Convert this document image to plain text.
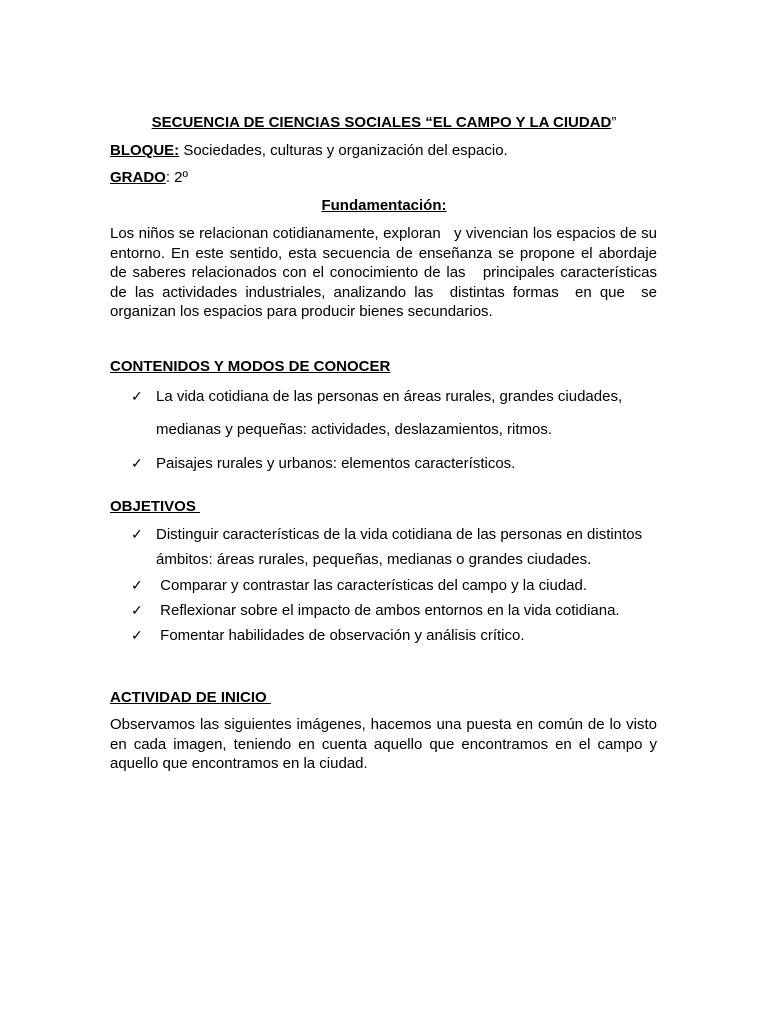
SECUENCIA DE CIENCIAS SOCIALES “EL CAMPO Y LA CIUDAD”
BLOQUE: Sociedades, culturas y organización del espacio.
GRADO: 2º
Fundamentación:
Los niños se relacionan cotidianamente, exploran   y vivencian los espacios de su entorno. En este sentido, esta secuencia de enseñanza se propone el abordaje de saberes relacionados con el conocimiento de las   principales características de las actividades industriales, analizando las  distintas formas  en que  se organizan los espacios para producir bienes secundarios.
CONTENIDOS Y MODOS DE CONOCER
✓ La vida cotidiana de las personas en áreas rurales, grandes ciudades,
medianas y pequeñas: actividades, deslazamientos, ritmos.
✓ Paisajes rurales y urbanos: elementos característicos.
OBJETIVOS
✓ Distinguir características de la vida cotidiana de las personas en distintos
ámbitos: áreas rurales, pequeñas, medianas o grandes ciudades.
✓ Comparar y contrastar las características del campo y la ciudad.
✓ Reflexionar sobre el impacto de ambos entornos en la vida cotidiana.
✓ Fomentar habilidades de observación y análisis crítico.
ACTIVIDAD DE INICIO
Observamos las siguientes imágenes, hacemos una puesta en común de lo visto en cada imagen, teniendo en cuenta aquello que encontramos en el campo y aquello que encontramos en la ciudad.
